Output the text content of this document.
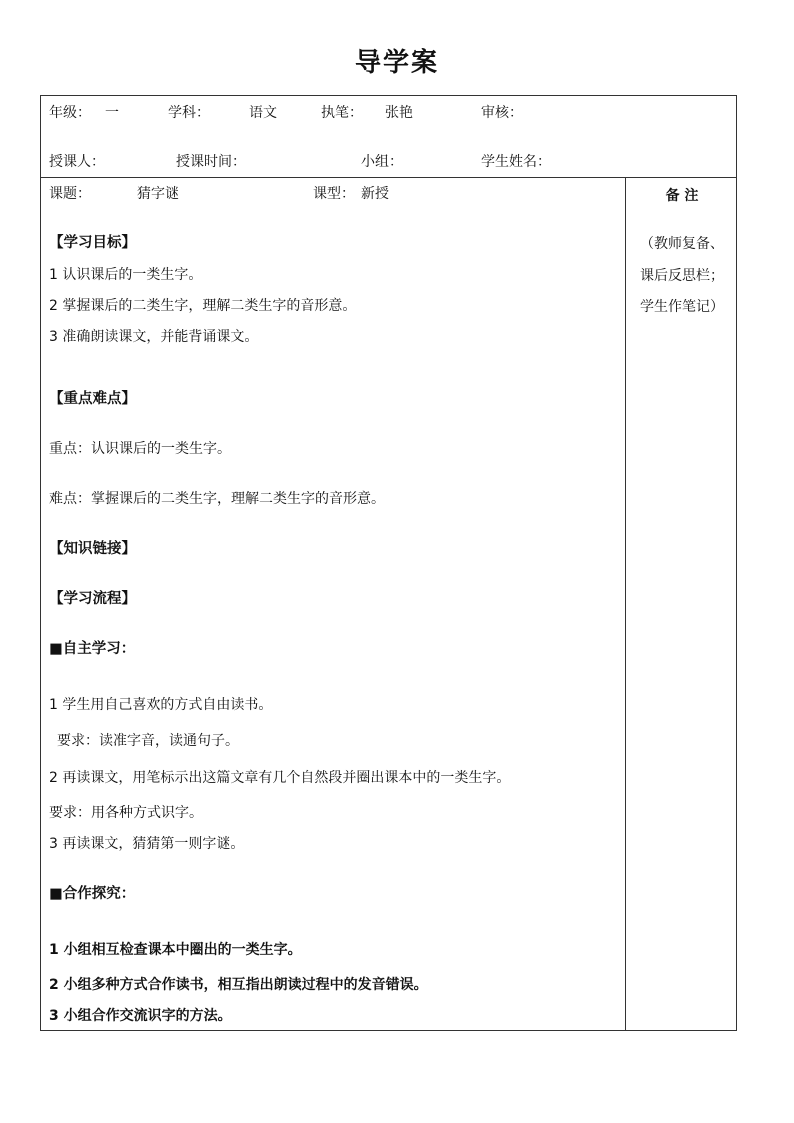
导学案
年级： 一	学科：	语文	执笔： 张艳	审核：
授课人：	授课时间：	小组：	学生姓名：
课题：	猜字谜	课型： 新授	备 注
（教师复备、
课后反思栏；
学生作笔记）
【学习目标】
1 认识课后的一类生字。
2 掌握课后的二类生字，理解二类生字的音形意。
3 准确朗读课文，并能背诵课文。
【重点难点】
重点：认识课后的一类生字。
难点：掌握课后的二类生字，理解二类生字的音形意。
【知识链接】
【学习流程】
■自主学习：
1 学生用自己喜欢的方式自由读书。
要求：读准字音，读通句子。
2 再读课文，用笔标示出这篇文章有几个自然段并圈出课本中的一类生字。
要求：用各种方式识字。
3 再读课文，猜猜第一则字谜。
■合作探究：
1 小组相互检查课本中圈出的一类生字。
2 小组多种方式合作读书，相互指出朗读过程中的发音错误。
3 小组合作交流识字的方法。
